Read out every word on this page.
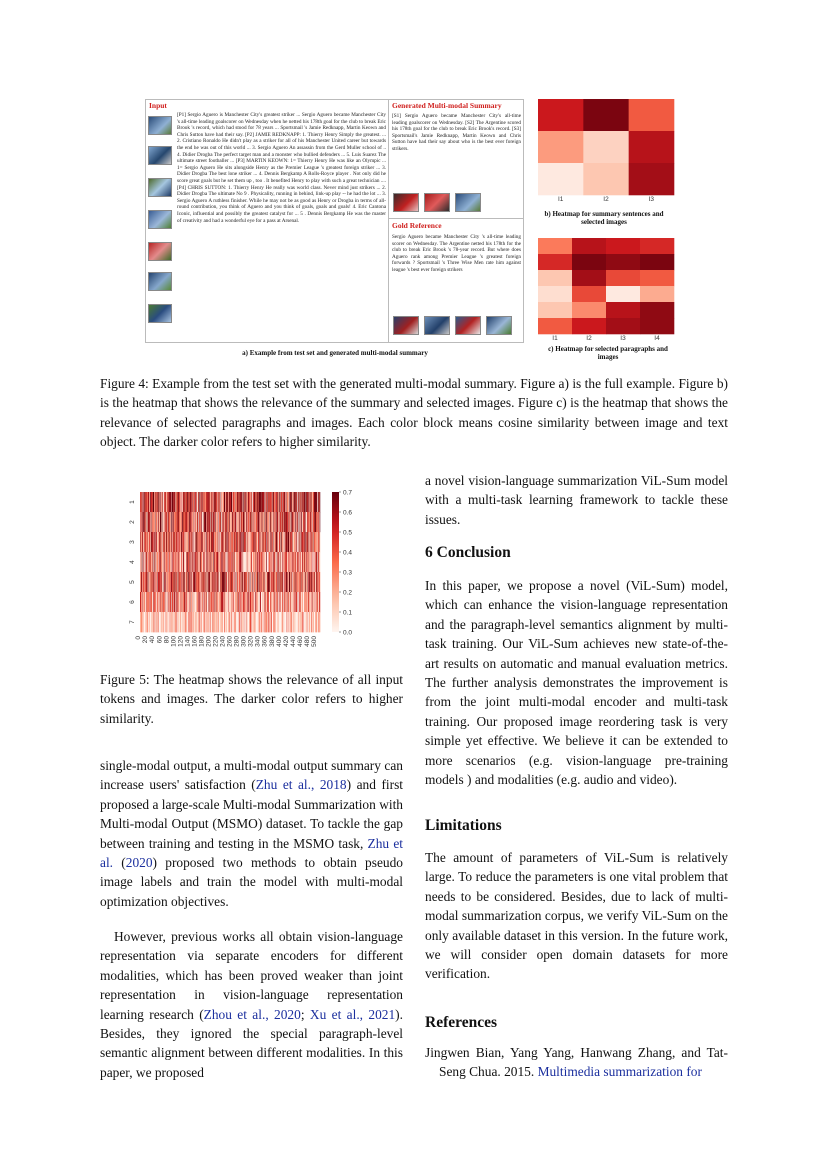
Input
[P1] Sergio Aguero is Manchester City's greatest striker ... Sergio Aguero became Manchester City 's all-time leading goalscorer on Wednesday when he netted his 178th goal for the club to break Eric Brook 's record, which had stood for 78 years ... Sportsmail 's Jamie Redknapp, Martin Keown and Chris Sutton have had their say. [P2] JAMIE REDKNAPP: 1. Thierry Henry Simply the greatest. ... 2. Cristiano Ronaldo He didn't play as a striker for all of his Manchester United career but towards the end he was out of this world ... 3. Sergio Aguero An assassin from the Gerd Muller school of .. 4. Didier Drogba The perfect target man and a monster who bullied defenders ... 5. Luis Suarez The ultimate street footballer ... [P3] MARTIN KEOWN: 1= Thierry Henry He was like an Olympic ... 1= Sergio Aguero He sits alongside Henry as the Premier League 's greatest foreign striker ... 3. Didier Drogba The best lone striker ... 4. Dennis Bergkamp A Rolls-Royce player . Not only did he score great goals but he set them up , too . It benefited Henry to play with such a great technician .... [P4] CHRIS SUTTON: 1. Thierry Henry He really was world class. Never mind just strikers ... 2. Didier Drogba The ultimate No 9 . Physicality, running in behind, link-up play -- he had the lot ... 3. Sergio Aguero A ruthless finisher. While he may not be as good as Henry or Drogba in terms of all-round contribution, you think of Aguero and you think of goals, goals and goals! 4. Eric Cantona Iconic, influential and possibly the greatest catalyst for ... 5 . Dennis Bergkamp He was the master of creativity and had a wonderful eye for a pass at Arsenal.
Generated Multi-modal Summary
[S1] Sergio Aguero became Manchester City's all-time leading goalscorer on Wednesday. [S2] The Argentine scored his 178th goal for the club to break Eric Brook's record. [S3] Sportsmail's Jamie Redknapp, Martin Keown and Chris Sutton have had their say about who is the best ever foreign strikers.
Gold Reference
Sergio Aguero became Manchester City 's all-time leading scorer on Wednesday. The Argentine netted his 178th for the club to break Eric Brook 's 78-year record. But where does Aguero rank among Premier League 's greatest foreign forwards ? Sportsmail 's Three Wise Men rate him against league 's best ever foreign strikers
a) Example from test set and generated multi-modal summary
I1	I2	I3
b) Heatmap for summary sentences and selected images
I1	I2	I3	I4
c) Heatmap for selected paragraphs and images
Figure 4: Example from the test set with the generated multi-modal summary. Figure a) is the full example. Figure b) is the heatmap that shows the relevance of the summary and selected images. Figure c) is the heatmap that shows the relevance of selected paragraphs and images. Each color block means cosine similarity between image and text object. The darker color refers to higher similarity.
1
2
3
4
5
6
7
0 20 40 60 80 100 120 140 160 180 200 220 240 260 280 300 320 340 360 380 400 420 440 460 480 500
0.7
0.6
0.5
0.4
0.3
0.2
0.1
0.0
Figure 5: The heatmap shows the relevance of all input tokens and images. The darker color refers to higher similarity.
single-modal output, a multi-modal output summary can increase users' satisfaction (Zhu et al., 2018) and first proposed a large-scale Multi-modal Summarization with Multi-modal Output (MSMO) dataset. To tackle the gap between training and testing in the MSMO task, Zhu et al. (2020) proposed two methods to obtain pseudo image labels and train the model with multi-modal optimization objectives.
However, previous works all obtain vision-language representation via separate encoders for different modalities, which has been proved weaker than joint representation in vision-language representation learning research (Zhou et al., 2020; Xu et al., 2021). Besides, they ignored the special paragraph-level semantic alignment between different modalities. In this paper, we proposed
a novel vision-language summarization ViL-Sum model with a multi-task learning framework to tackle these issues.
6 Conclusion
In this paper, we propose a novel (ViL-Sum) model, which can enhance the vision-language representation and the paragraph-level semantics alignment by multi-task training. Our ViL-Sum achieves new state-of-the- art results on automatic and manual evaluation metrics. The further analysis demonstrates the improvement is from the joint multi-modal encoder and multi-task training. Our proposed image reordering task is very simple yet effective. We believe it can be extended to more scenarios (e.g. vision-language pre-training models ) and modalities (e.g. audio and video).
Limitations
The amount of parameters of ViL-Sum is relatively large. To reduce the parameters is one vital problem that needs to be considered. Besides, due to lack of multi-modal summarization corpus, we verify ViL-Sum on the only available dataset in this version. In the future work, we will consider open domain datasets for more verification.
References
Jingwen Bian, Yang Yang, Hanwang Zhang, and Tat-Seng Chua. 2015. Multimedia summarization for
